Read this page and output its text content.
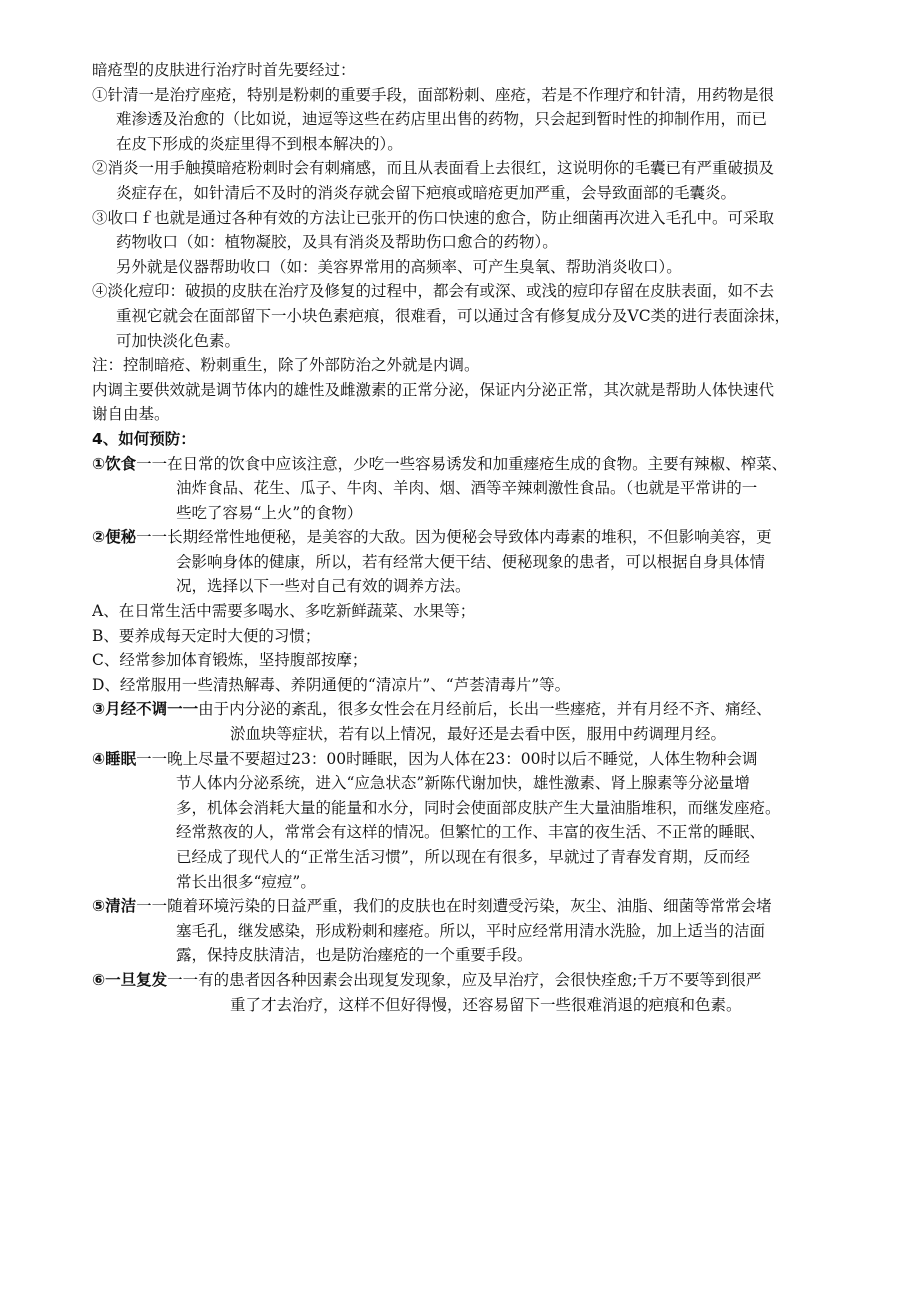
暗疮型的皮肤进行治疗时首先要经过：
①针清一是治疗座疮，特别是粉刺的重要手段，面部粉刺、座疮，若是不作理疗和针清，用药物是很
难渗透及治愈的（比如说，迪逗等这些在药店里出售的药物，只会起到暂时性的抑制作用，而已
在皮下形成的炎症里得不到根本解决的）。
②消炎一用手触摸暗疮粉刺时会有刺痛感，而且从表面看上去很红，这说明你的毛囊已有严重破损及
炎症存在，如针清后不及时的消炎存就会留下疤痕或暗疮更加严重，会导致面部的毛囊炎。
③收口ｆ也就是通过各种有效的方法让已张开的伤口快速的愈合，防止细菌再次进入毛孔中。可采取
药物收口（如：植物凝胶，及具有消炎及帮助伤口愈合的药物）。
另外就是仪器帮助收口（如：美容界常用的高频率、可产生臭氧、帮助消炎收口）。
④淡化痘印：破损的皮肤在治疗及修复的过程中，都会有或深、或浅的痘印存留在皮肤表面，如不去
重视它就会在面部留下一小块色素疤痕，很难看，可以通过含有修复成分及VC类的进行表面涂抹，
可加快淡化色素。
注：控制暗疮、粉刺重生，除了外部防治之外就是内调。
内调主要供效就是调节体内的雄性及雌激素的正常分泌，保证内分泌正常，其次就是帮助人体快速代
谢自由基。
4、如何预防：
①饮食一一在日常的饮食中应该注意，少吃一些容易诱发和加重瘗疮生成的食物。主要有辣椒、榨菜、
油炸食品、花生、瓜子、牛肉、羊肉、烟、酒等辛辣刺激性食品。（也就是平常讲的一
些吃了容易“上火”的食物）
②便秘一一长期经常性地便秘，是美容的大敌。因为便秘会导致体内毒素的堆积，不但影响美容，更
会影响身体的健康，所以，若有经常大便干结、便秘现象的患者，可以根据自身具体情
况，选择以下一些对自己有效的调养方法。
A、在日常生活中需要多喝水、多吃新鲜蔬菜、水果等；
B、要养成每天定时大便的习惯；
C、经常参加体育锻炼，坚持腹部按摩；
D、经常服用一些清热解毒、养阴通便的“清凉片”、“芦荟清毒片”等。
③月经不调一一由于内分泌的紊乱，很多女性会在月经前后，长出一些瘗疮，并有月经不齐、痛经、
淤血块等症状，若有以上情况，最好还是去看中医，服用中药调理月经。
④睡眠一一晚上尽量不要超过23：00时睡眠，因为人体在23：00时以后不睡觉，人体生物种会调
节人体内分泌系统，进入“应急状态”新陈代谢加快，雄性激素、肾上腺素等分泌量增
多，机体会消耗大量的能量和水分，同时会使面部皮肤产生大量油脂堆积，而继发座疮。
经常熬夜的人，常常会有这样的情况。但繁忙的工作、丰富的夜生活、不正常的睡眠、
已经成了现代人的“正常生活习惯”，所以现在有很多，早就过了青春发育期，反而经
常长出很多“痘痘”。
⑤清洁一一随着环境污染的日益严重，我们的皮肤也在时刻遭受污染，灰尘、油脂、细菌等常常会堵
塞毛孔，继发感染，形成粉刺和瘗疮。所以，平时应经常用清水洗脸，加上适当的洁面
露，保持皮肤清洁，也是防治瘗疮的一个重要手段。
⑥一旦复发一一有的患者因各种因素会出现复发现象，应及早治疗，会很快痊愈;千万不要等到很严
重了才去治疗，这样不但好得慢，还容易留下一些很难消退的疤痕和色素。
